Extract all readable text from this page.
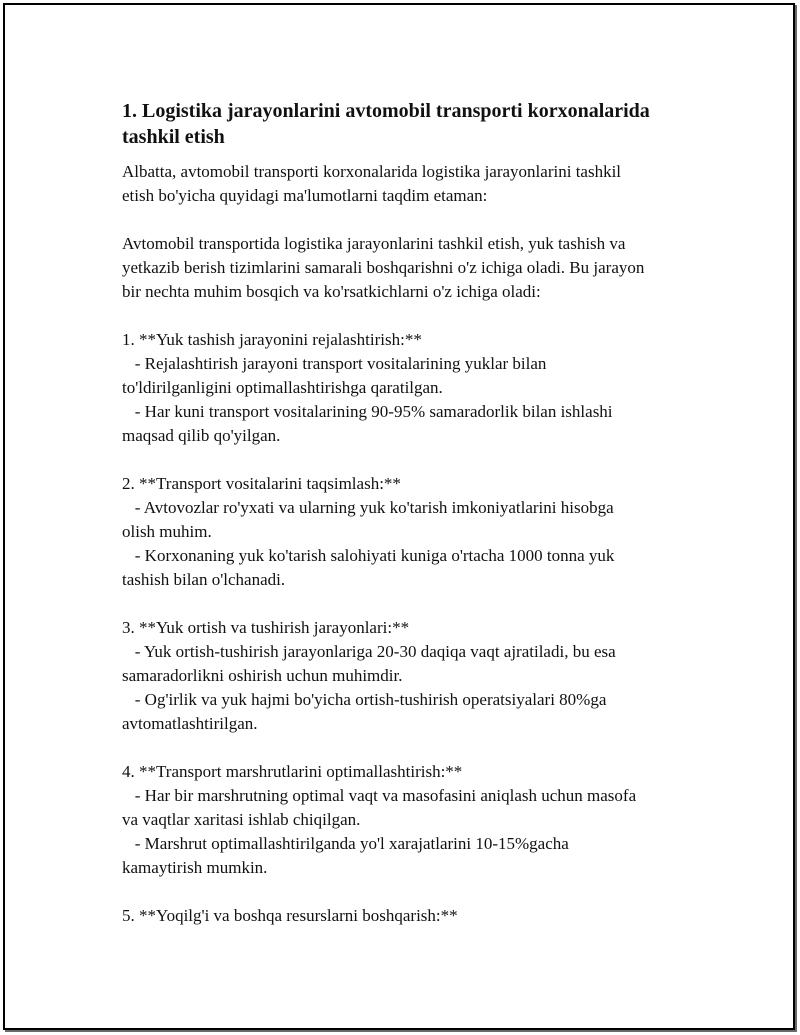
1. Logistika jarayonlarini avtomobil transporti korxonalarida tashkil etish

Albatta, avtomobil transporti korxonalarida logistika jarayonlarini tashkil
etish bo'yicha quyidagi ma'lumotlarni taqdim etaman:

Avtomobil transportida logistika jarayonlarini tashkil etish, yuk tashish va
yetkazib berish tizimlarini samarali boshqarishni o'z ichiga oladi. Bu jarayon
bir nechta muhim bosqich va ko'rsatkichlarni o'z ichiga oladi:

1. **Yuk tashish jarayonini rejalashtirish:**
- Rejalashtirish jarayoni transport vositalarining yuklar bilan
to'ldirilganligini optimallashtirishga qaratilgan.
- Har kuni transport vositalarining 90-95% samaradorlik bilan ishlashi
maqsad qilib qo'yilgan.

2. **Transport vositalarini taqsimlash:**
- Avtovozlar ro'yxati va ularning yuk ko'tarish imkoniyatlarini hisobga
olish muhim.
- Korxonaning yuk ko'tarish salohiyati kuniga o'rtacha 1000 tonna yuk
tashish bilan o'lchanadi.

3. **Yuk ortish va tushirish jarayonlari:**
- Yuk ortish-tushirish jarayonlariga 20-30 daqiqa vaqt ajratiladi, bu esa
samaradorlikni oshirish uchun muhimdir.
- Og'irlik va yuk hajmi bo'yicha ortish-tushirish operatsiyalari 80%ga
avtomatlashtirilgan.

4. **Transport marshrutlarini optimallashtirish:**
- Har bir marshrutning optimal vaqt va masofasini aniqlash uchun masofa
va vaqtlar xaritasi ishlab chiqilgan.
- Marshrut optimallashtirilganda yo'l xarajatlarini 10-15%gacha
kamaytirish mumkin.

5. **Yoqilg'i va boshqa resurslarni boshqarish:**
